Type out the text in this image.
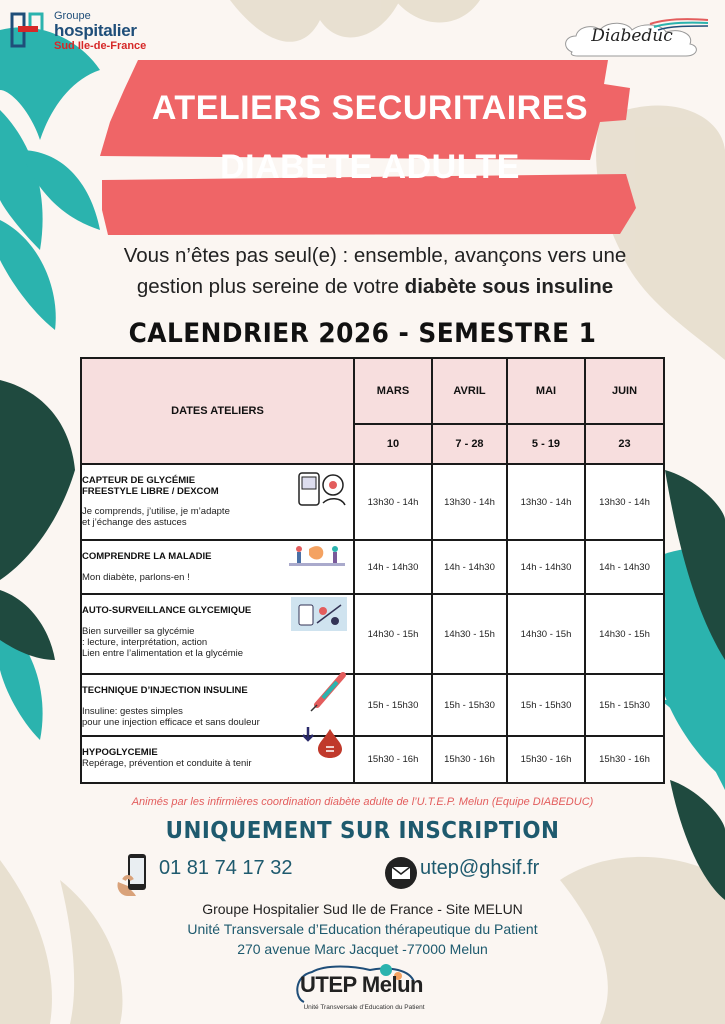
Groupe
hospitalier
Sud Ile-de-France	Diabeduc
ATELIERS SECURITAIRES
DIABETE ADULTE
Vous n’êtes pas seul(e) : ensemble, avançons vers une
gestion plus sereine de votre diabète sous insuline
CALENDRIER 2026 - SEMESTRE 1
DATES ATELIERS	MARS	AVRIL	MAI	JUIN
	10	7 - 28	5 - 19	23

CAPTEUR DE GLYCÉMIE
FREESTYLE LIBRE / DEXCOM
Je comprends, j’utilise, je m’adapte
et j’échange des astuces	13h30 - 14h	13h30 - 14h	13h30 - 14h	13h30 - 14h

COMPRENDRE LA MALADIE
Mon diabète, parlons-en !	14h - 14h30	14h - 14h30	14h - 14h30	14h - 14h30

AUTO-SURVEILLANCE GLYCEMIQUE
Bien surveiller sa glycémie
: lecture, interprétation, action
Lien entre l’alimentation et la glycémie	14h30 - 15h	14h30 - 15h	14h30 - 15h	14h30 - 15h

TECHNIQUE D’INJECTION INSULINE
Insuline: gestes simples
pour une injection efficace et sans douleur	15h - 15h30	15h - 15h30	15h - 15h30	15h - 15h30

HYPOGLYCEMIE
Repérage, prévention et conduite à tenir	15h30 - 16h	15h30 - 16h	15h30 - 16h	15h30 - 16h
Animés par les infirmières coordination diabète adulte de l’U.T.E.P. Melun (Equipe DIABEDUC)
UNIQUEMENT SUR INSCRIPTION
01 81 74 17 32	utep@ghsif.fr
Groupe Hospitalier Sud Ile de France - Site MELUN
Unité Transversale d’Education thérapeutique du Patient
270 avenue Marc Jacquet -77000 Melun
UTEP Melun
Unité Transversale d’Education du Patient
